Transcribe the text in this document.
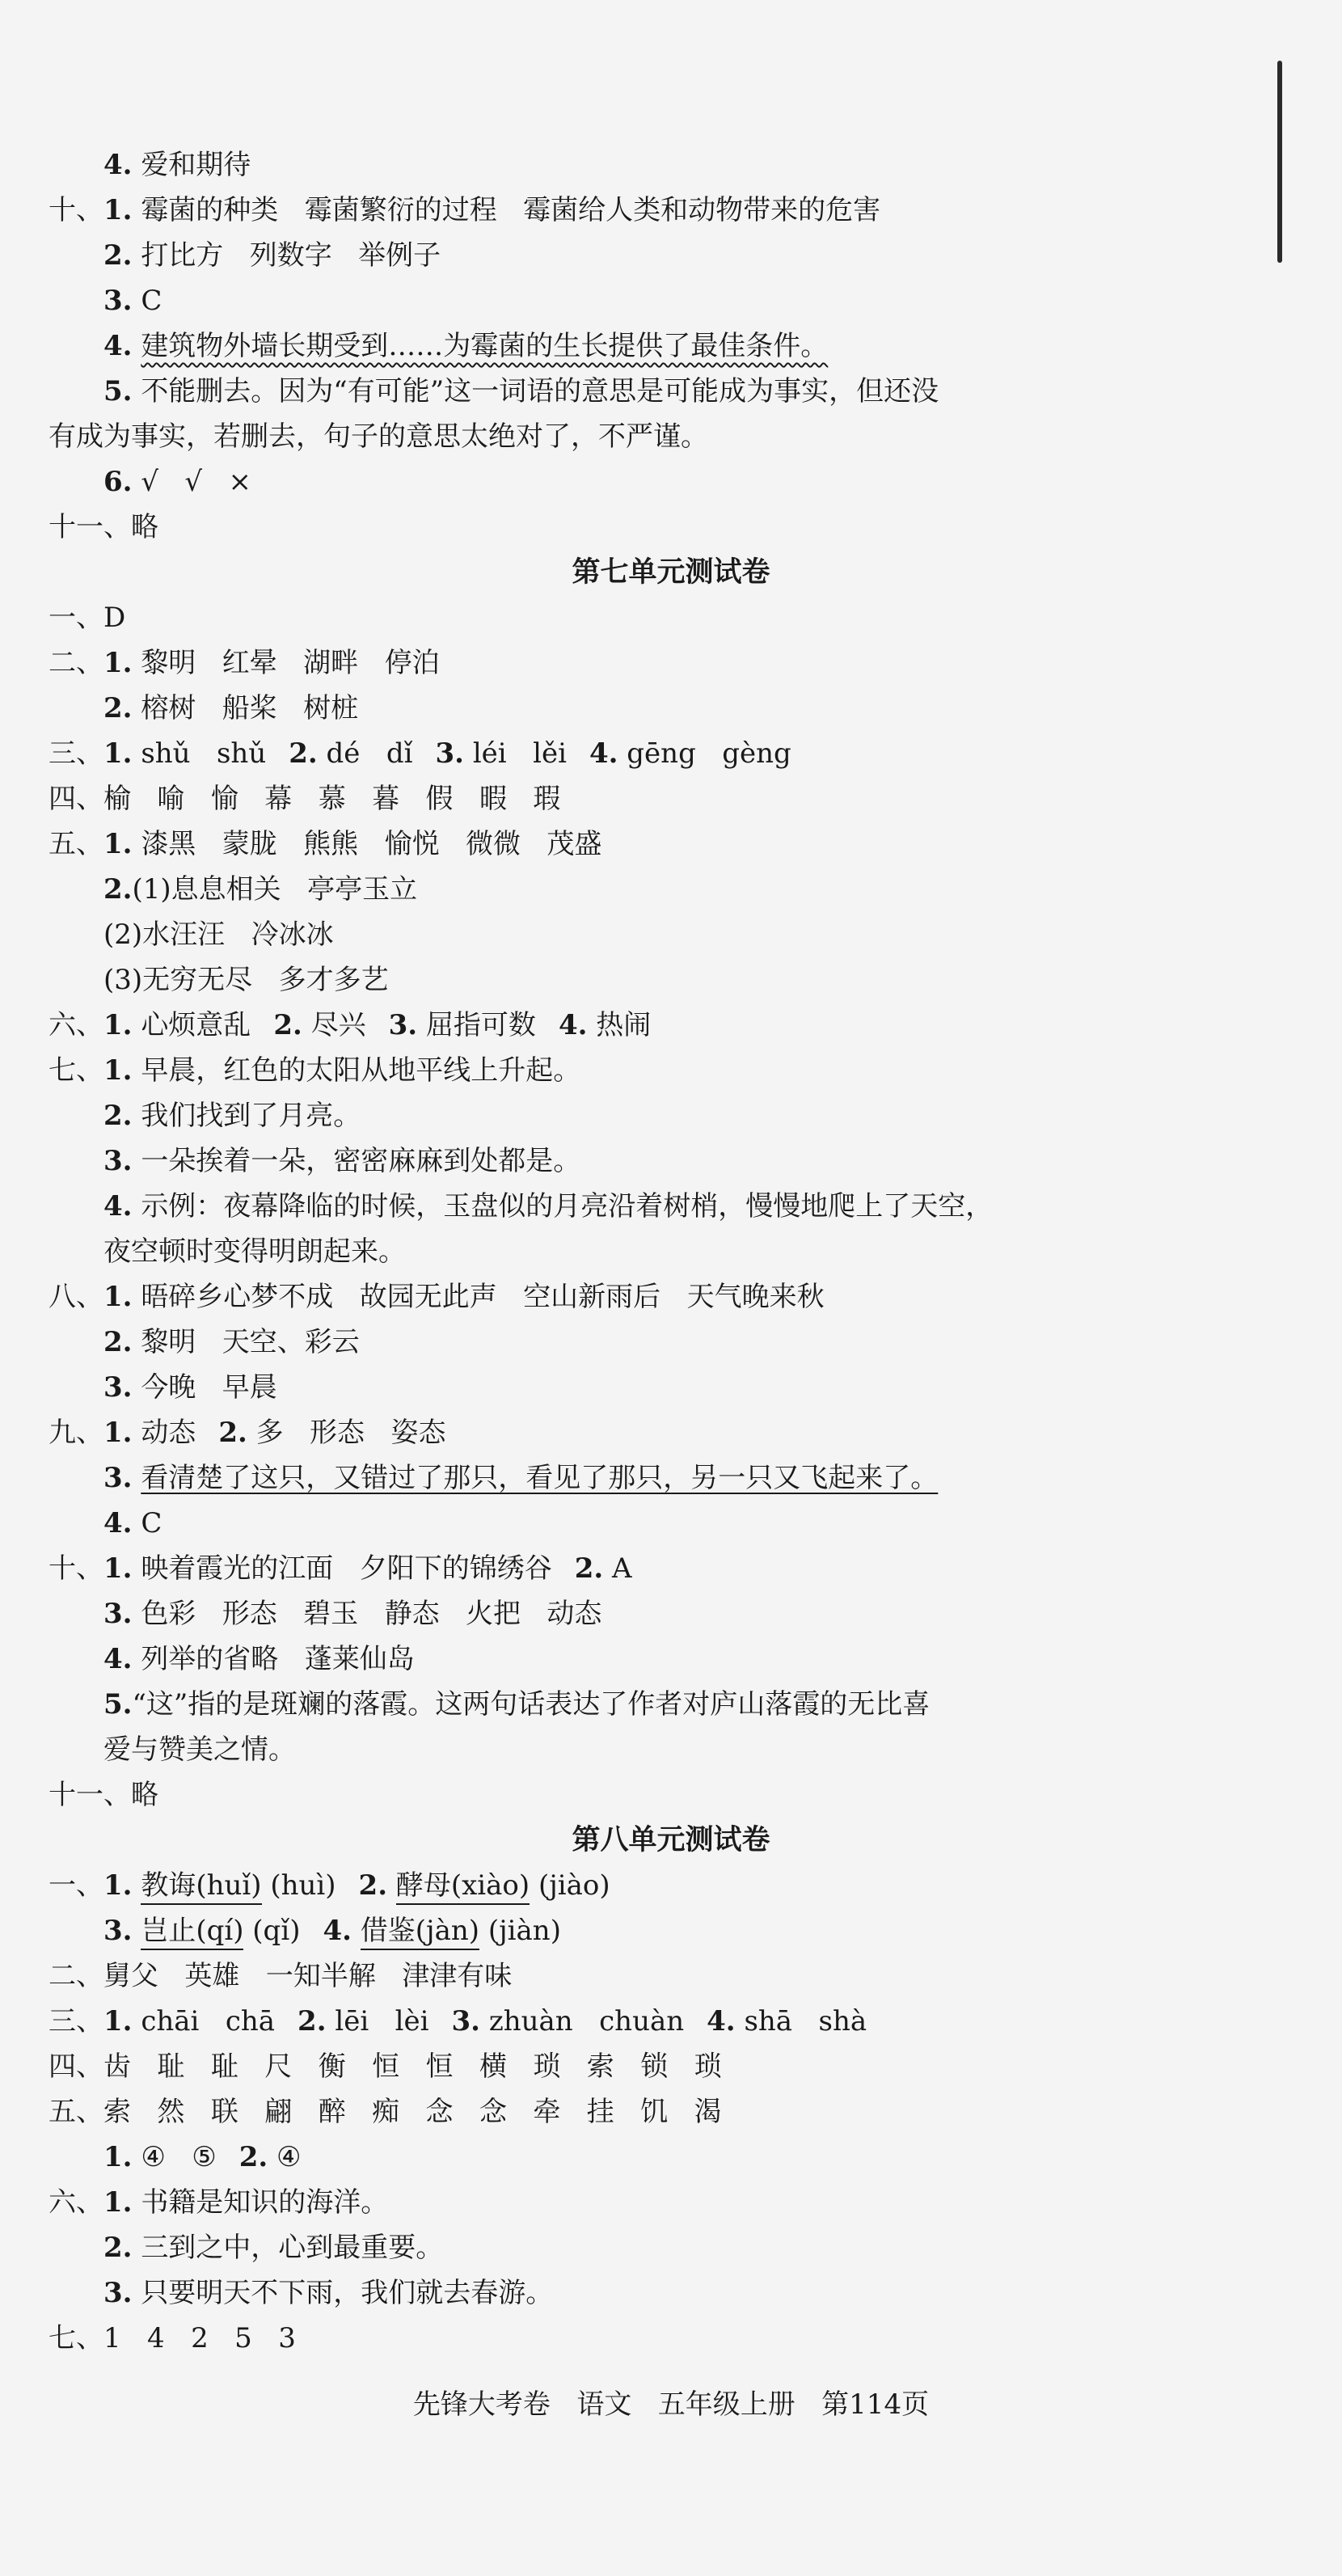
4. 爱和期待
十、1. 霉菌的种类   霉菌繁衍的过程   霉菌给人类和动物带来的危害
2. 打比方   列数字   举例子
3. C
4. 建筑物外墙长期受到……为霉菌的生长提供了最佳条件。
5. 不能删去。因为“有可能”这一词语的意思是可能成为事实，但还没
有成为事实，若删去，句子的意思太绝对了，不严谨。
6. √   √   ×
十一、略
第七单元测试卷
一、D
二、1. 黎明   红晕   湖畔   停泊
2. 榕树   船桨   树桩
三、1. shǔ   shǔ 2. dé   dǐ 3. léi   lěi 4. gēng   gèng
四、榆   喻   愉   幕   慕   暮   假   暇   瑕
五、1. 漆黑   蒙胧   熊熊   愉悦   微微   茂盛
2.(1)息息相关   亭亭玉立
(2)水汪汪   冷冰冰
(3)无穷无尽   多才多艺
六、1. 心烦意乱 2. 尽兴 3. 屈指可数 4. 热闹
七、1. 早晨，红色的太阳从地平线上升起。
2. 我们找到了月亮。
3. 一朵挨着一朵，密密麻麻到处都是。
4. 示例：夜幕降临的时候，玉盘似的月亮沿着树梢，慢慢地爬上了天空，
夜空顿时变得明朗起来。
八、1. 晤碎乡心梦不成   故园无此声   空山新雨后   天气晚来秋
2. 黎明   天空、彩云
3. 今晚   早晨
九、1. 动态 2. 多   形态   姿态
3. 看清楚了这只，又错过了那只，看见了那只，另一只又飞起来了。
4. C
十、1. 映着霞光的江面   夕阳下的锦绣谷 2. A
3. 色彩   形态   碧玉   静态   火把   动态
4. 列举的省略   蓬莱仙岛
5.“这”指的是斑斓的落霞。这两句话表达了作者对庐山落霞的无比喜
爱与赞美之情。
十一、略
第八单元测试卷
一、1. 教诲(huǐ) (huì) 2. 酵母(xiào) (jiào)
3. 岂止(qí) (qǐ) 4. 借鉴(jàn) (jiàn)
二、舅父   英雄   一知半解   津津有味
三、1. chāi   chā 2. lēi   lèi 3. zhuàn   chuàn 4. shā   shà
四、齿   耻   耻   尺   衡   恒   恒   横   琐   索   锁   琐
五、索   然   联   翩   醉   痴   念   念   牵   挂   饥   渴
1. ④   ⑤ 2. ④
六、1. 书籍是知识的海洋。
2. 三到之中，心到最重要。
3. 只要明天不下雨，我们就去春游。
七、1   4   2   5   3
先锋大考卷   语文   五年级上册   第114页
